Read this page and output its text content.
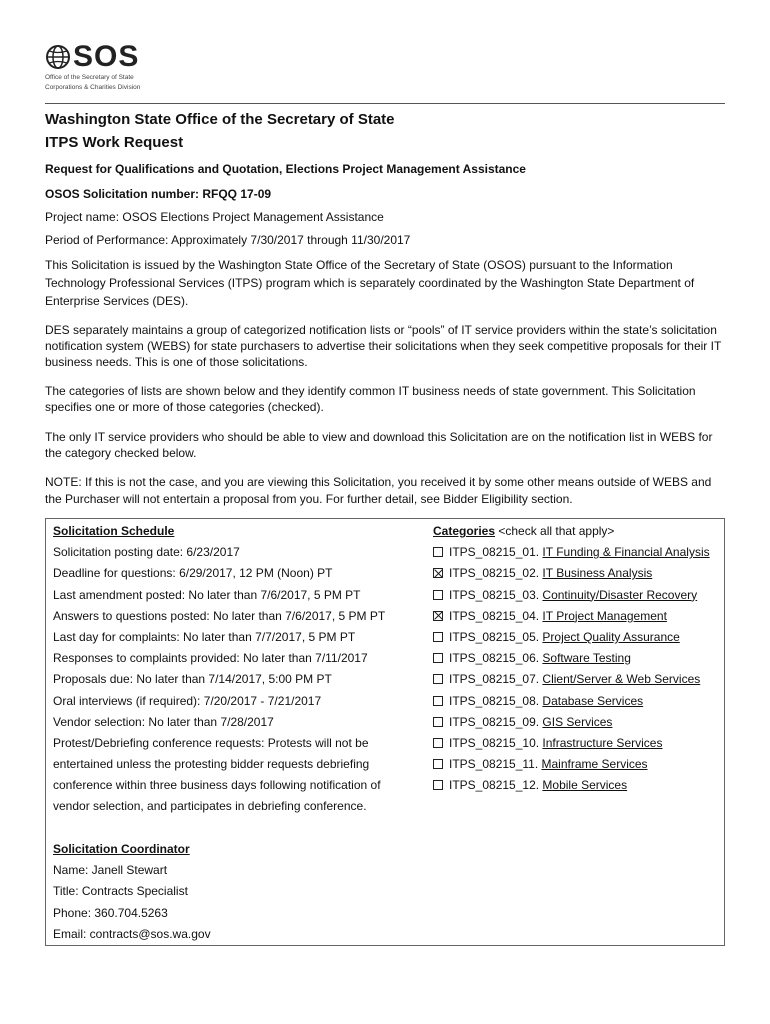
SOS
Office of the Secretary of State
Corporations & Charities Division
Washington State Office of the Secretary of State
ITPS Work Request

Request for Qualifications and Quotation, Elections Project Management Assistance

OSOS Solicitation number: RFQQ 17-09

Project name: OSOS Elections Project Management Assistance

Period of Performance: Approximately 7/30/2017 through 11/30/2017

This Solicitation is issued by the Washington State Office of the Secretary of State (OSOS) pursuant to the Information Technology Professional Services (ITPS) program which is separately coordinated by the Washington State Department of Enterprise Services (DES).

DES separately maintains a group of categorized notification lists or “pools” of IT service providers within the state’s solicitation notification system (WEBS) for state purchasers to advertise their solicitations when they seek competitive proposals for their IT business needs. This is one of those solicitations.

The categories of lists are shown below and they identify common IT business needs of state government. This Solicitation specifies one or more of those categories (checked).

The only IT service providers who should be able to view and download this Solicitation are on the notification list in WEBS for the category checked below.

NOTE: If this is not the case, and you are viewing this Solicitation, you received it by some other means outside of WEBS and the Purchaser will not entertain a proposal from you. For further detail, see Bidder Eligibility section.

Solicitation Schedule
Solicitation posting date: 6/23/2017
Deadline for questions: 6/29/2017, 12 PM (Noon) PT
Last amendment posted: No later than 7/6/2017, 5 PM PT
Answers to questions posted: No later than 7/6/2017, 5 PM PT
Last day for complaints: No later than 7/7/2017, 5 PM PT
Responses to complaints provided: No later than 7/11/2017
Proposals due: No later than 7/14/2017, 5:00 PM PT
Oral interviews (if required): 7/20/2017 - 7/21/2017
Vendor selection: No later than 7/28/2017
Protest/Debriefing conference requests: Protests will not be
entertained unless the protesting bidder requests debriefing
conference within three business days following notification of
vendor selection, and participates in debriefing conference.
Solicitation Coordinator
Name: Janell Stewart
Title: Contracts Specialist
Phone: 360.704.5263
Email: contracts@sos.wa.gov
Categories <check all that apply>
ITPS_08215_01. IT Funding & Financial Analysis
ITPS_08215_02. IT Business Analysis
ITPS_08215_03. Continuity/Disaster Recovery
ITPS_08215_04. IT Project Management
ITPS_08215_05. Project Quality Assurance
ITPS_08215_06. Software Testing
ITPS_08215_07. Client/Server & Web Services
ITPS_08215_08. Database Services
ITPS_08215_09. GIS Services
ITPS_08215_10. Infrastructure Services
ITPS_08215_11. Mainframe Services
ITPS_08215_12. Mobile Services
